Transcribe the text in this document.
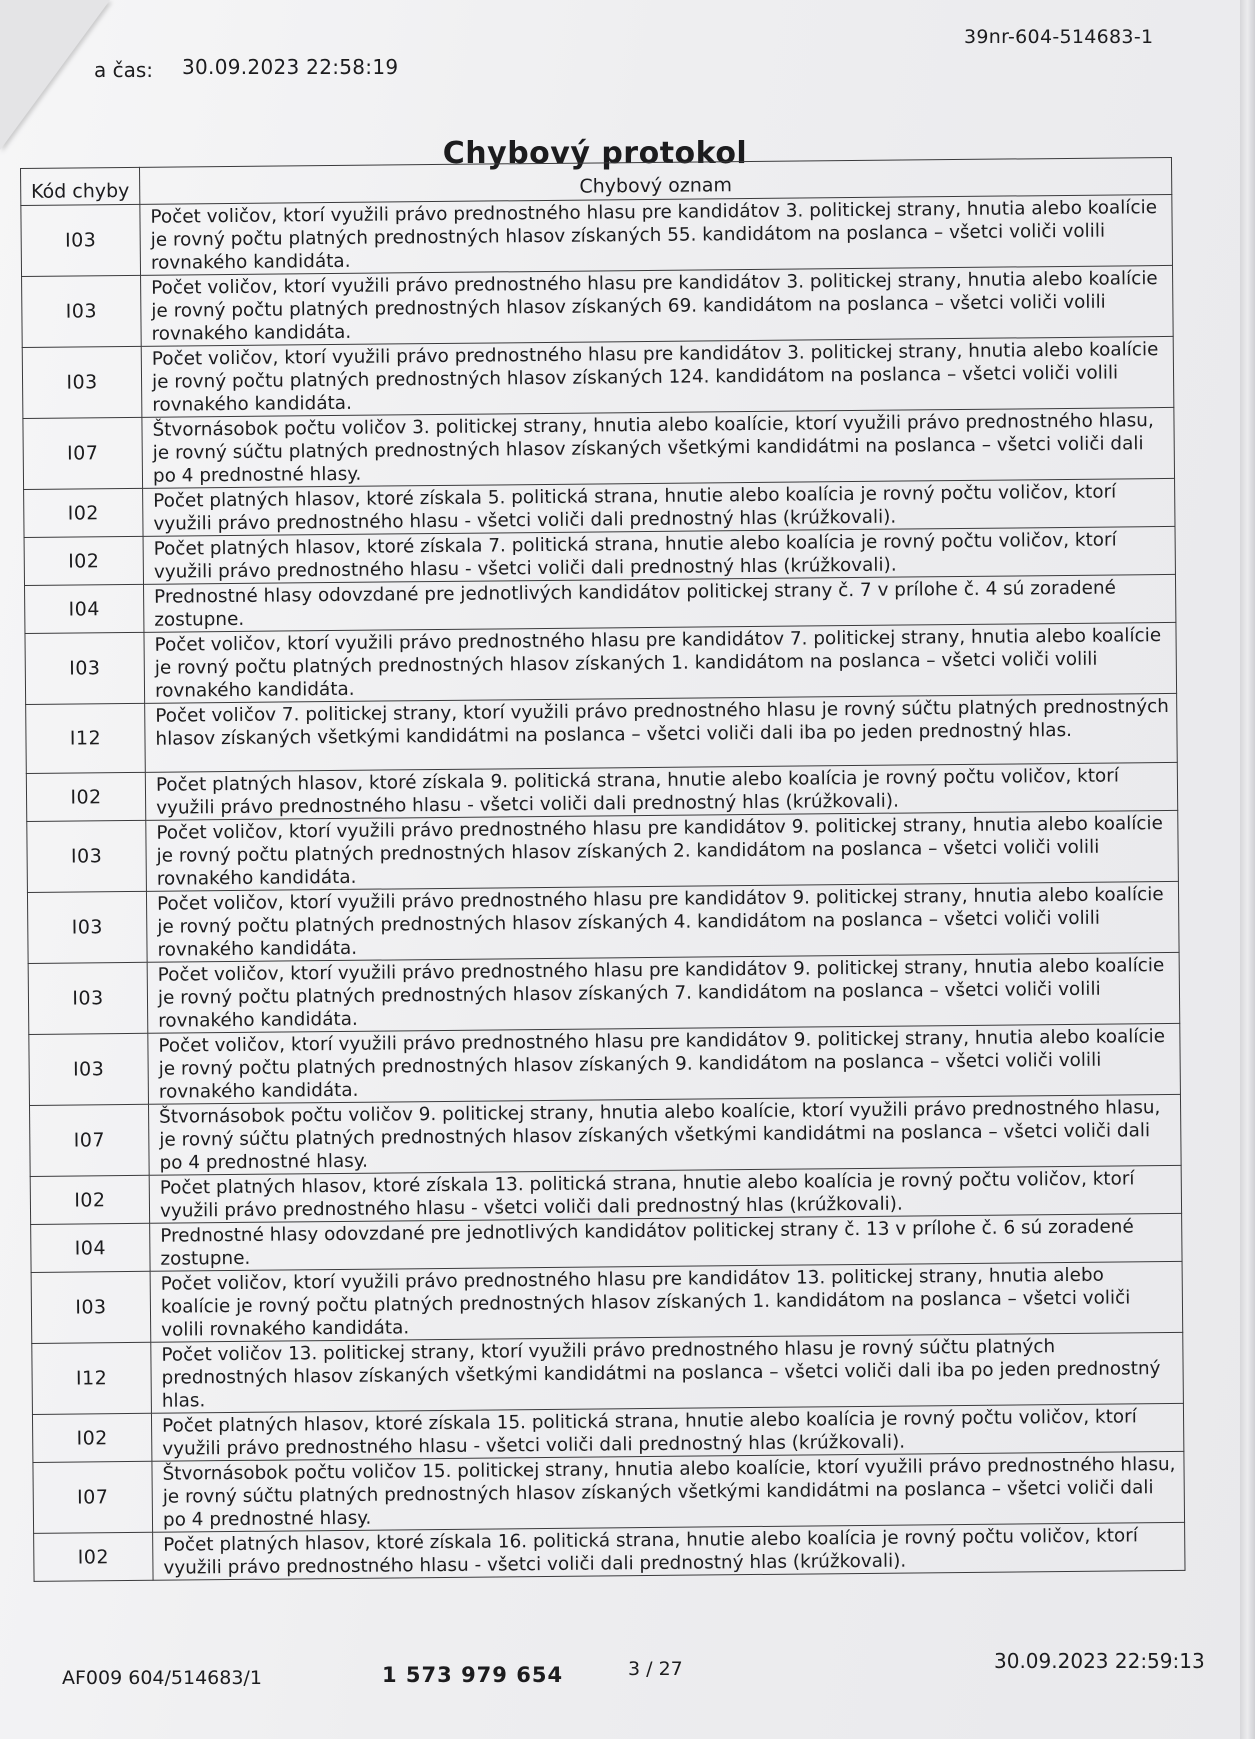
a čas: 30.09.2023 22:58:19
39nr-604-514683-1
Chybový protokol
Kód chyby	Chybový oznam
I03	Počet voličov, ktorí využili právo prednostného hlasu pre kandidátov 3. politickej strany, hnutia alebo koalície je rovný počtu platných prednostných hlasov získaných 55. kandidátom na poslanca – všetci voliči volili rovnakého kandidáta.
I03	Počet voličov, ktorí využili právo prednostného hlasu pre kandidátov 3. politickej strany, hnutia alebo koalície je rovný počtu platných prednostných hlasov získaných 69. kandidátom na poslanca – všetci voliči volili rovnakého kandidáta.
I03	Počet voličov, ktorí využili právo prednostného hlasu pre kandidátov 3. politickej strany, hnutia alebo koalície je rovný počtu platných prednostných hlasov získaných 124. kandidátom na poslanca – všetci voliči volili rovnakého kandidáta.
I07	Štvornásobok počtu voličov 3. politickej strany, hnutia alebo koalície, ktorí využili právo prednostného hlasu, je rovný súčtu platných prednostných hlasov získaných všetkými kandidátmi na poslanca – všetci voliči dali po 4 prednostné hlasy.
I02	Počet platných hlasov, ktoré získala 5. politická strana, hnutie alebo koalícia je rovný počtu voličov, ktorí využili právo prednostného hlasu - všetci voliči dali prednostný hlas (krúžkovali).
I02	Počet platných hlasov, ktoré získala 7. politická strana, hnutie alebo koalícia je rovný počtu voličov, ktorí využili právo prednostného hlasu - všetci voliči dali prednostný hlas (krúžkovali).
I04	Prednostné hlasy odovzdané pre jednotlivých kandidátov politickej strany č. 7 v prílohe č. 4 sú zoradené zostupne.
I03	Počet voličov, ktorí využili právo prednostného hlasu pre kandidátov 7. politickej strany, hnutia alebo koalície je rovný počtu platných prednostných hlasov získaných 1. kandidátom na poslanca – všetci voliči volili rovnakého kandidáta.
I12	Počet voličov 7. politickej strany, ktorí využili právo prednostného hlasu je rovný súčtu platných prednostných hlasov získaných všetkými kandidátmi na poslanca – všetci voliči dali iba po jeden prednostný hlas.
I02	Počet platných hlasov, ktoré získala 9. politická strana, hnutie alebo koalícia je rovný počtu voličov, ktorí využili právo prednostného hlasu - všetci voliči dali prednostný hlas (krúžkovali).
I03	Počet voličov, ktorí využili právo prednostného hlasu pre kandidátov 9. politickej strany, hnutia alebo koalície je rovný počtu platných prednostných hlasov získaných 2. kandidátom na poslanca – všetci voliči volili rovnakého kandidáta.
I03	Počet voličov, ktorí využili právo prednostného hlasu pre kandidátov 9. politickej strany, hnutia alebo koalície je rovný počtu platných prednostných hlasov získaných 4. kandidátom na poslanca – všetci voliči volili rovnakého kandidáta.
I03	Počet voličov, ktorí využili právo prednostného hlasu pre kandidátov 9. politickej strany, hnutia alebo koalície je rovný počtu platných prednostných hlasov získaných 7. kandidátom na poslanca – všetci voliči volili rovnakého kandidáta.
I03	Počet voličov, ktorí využili právo prednostného hlasu pre kandidátov 9. politickej strany, hnutia alebo koalície je rovný počtu platných prednostných hlasov získaných 9. kandidátom na poslanca – všetci voliči volili rovnakého kandidáta.
I07	Štvornásobok počtu voličov 9. politickej strany, hnutia alebo koalície, ktorí využili právo prednostného hlasu, je rovný súčtu platných prednostných hlasov získaných všetkými kandidátmi na poslanca – všetci voliči dali po 4 prednostné hlasy.
I02	Počet platných hlasov, ktoré získala 13. politická strana, hnutie alebo koalícia je rovný počtu voličov, ktorí využili právo prednostného hlasu - všetci voliči dali prednostný hlas (krúžkovali).
I04	Prednostné hlasy odovzdané pre jednotlivých kandidátov politickej strany č. 13 v prílohe č. 6 sú zoradené zostupne.
I03	Počet voličov, ktorí využili právo prednostného hlasu pre kandidátov 13. politickej strany, hnutia alebo koalície je rovný počtu platných prednostných hlasov získaných 1. kandidátom na poslanca – všetci voliči volili rovnakého kandidáta.
I12	Počet voličov 13. politickej strany, ktorí využili právo prednostného hlasu je rovný súčtu platných prednostných hlasov získaných všetkými kandidátmi na poslanca – všetci voliči dali iba po jeden prednostný hlas.
I02	Počet platných hlasov, ktoré získala 15. politická strana, hnutie alebo koalícia je rovný počtu voličov, ktorí využili právo prednostného hlasu - všetci voliči dali prednostný hlas (krúžkovali).
I07	Štvornásobok počtu voličov 15. politickej strany, hnutia alebo koalície, ktorí využili právo prednostného hlasu, je rovný súčtu platných prednostných hlasov získaných všetkými kandidátmi na poslanca – všetci voliči dali po 4 prednostné hlasy.
I02	Počet platných hlasov, ktoré získala 16. politická strana, hnutie alebo koalícia je rovný počtu voličov, ktorí využili právo prednostného hlasu - všetci voliči dali prednostný hlas (krúžkovali).
AF009 604/514683/1	1 573 979 654	3 / 27	30.09.2023 22:59:13
